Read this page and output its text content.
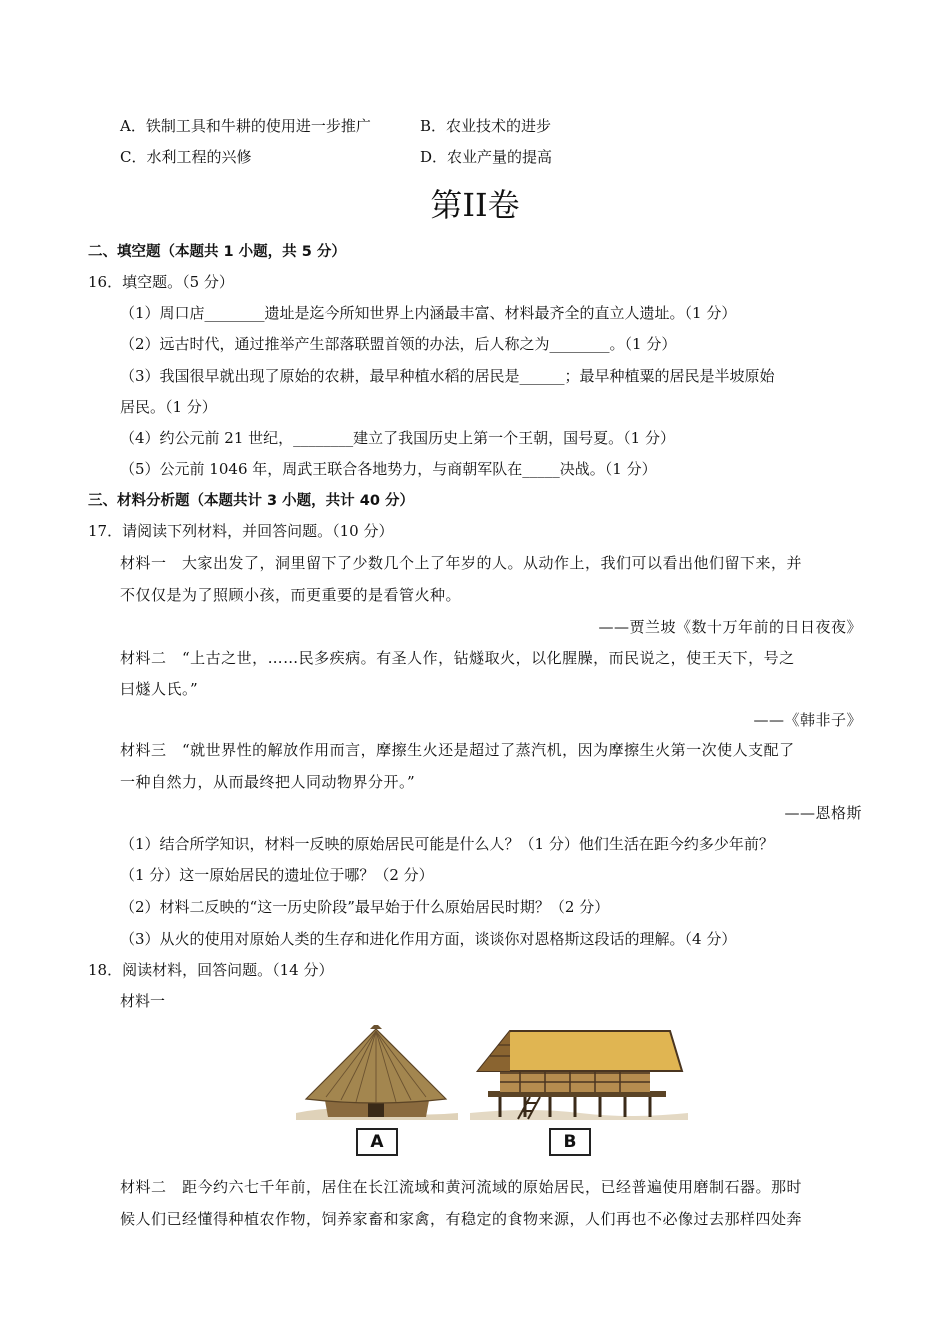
A．铁制工具和牛耕的使用进一步推广	B．农业技术的进步
C．水利工程的兴修	D．农业产量的提高
第II卷
二、填空题（本题共 1 小题，共 5 分）
16．填空题。（5 分）
（1）周口店________遗址是迄今所知世界上内涵最丰富、材料最齐全的直立人遗址。（1 分）
（2）远古时代，通过推举产生部落联盟首领的办法，后人称之为________。（1 分）
（3）我国很早就出现了原始的农耕，最早种植水稻的居民是______；最早种植粟的居民是半坡原始
居民。（1 分）
（4）约公元前 21 世纪，________建立了我国历史上第一个王朝，国号夏。（1 分）
（5）公元前 1046 年，周武王联合各地势力，与商朝军队在_____决战。（1 分）
三、材料分析题（本题共计 3 小题，共计 40 分）
17．请阅读下列材料，并回答问题。（10 分）
材料一　大家出发了，洞里留下了少数几个上了年岁的人。从动作上，我们可以看出他们留下来，并
不仅仅是为了照顾小孩，而更重要的是看管火种。
——贾兰坡《数十万年前的日日夜夜》
材料二　“上古之世，……民多疾病。有圣人作，钻燧取火，以化腥臊，而民说之，使王天下，号之
曰燧人氏。”
——《韩非子》
材料三　“就世界性的解放作用而言，摩擦生火还是超过了蒸汽机，因为摩擦生火第一次使人支配了
一种自然力，从而最终把人同动物界分开。”
——恩格斯
（1）结合所学知识，材料一反映的原始居民可能是什么人？（1 分）他们生活在距今约多少年前？
（1 分）这一原始居民的遗址位于哪？（2 分）
（2）材料二反映的“这一历史阶段”最早始于什么原始居民时期？（2 分）
（3）从火的使用对原始人类的生存和进化作用方面，谈谈你对恩格斯这段话的理解。（4 分）
18．阅读材料，回答问题。（14 分）
材料一
A	B
材料二　距今约六七千年前，居住在长江流域和黄河流域的原始居民，已经普遍使用磨制石器。那时
候人们已经懂得种植农作物，饲养家畜和家禽，有稳定的食物来源，人们再也不必像过去那样四处奔
